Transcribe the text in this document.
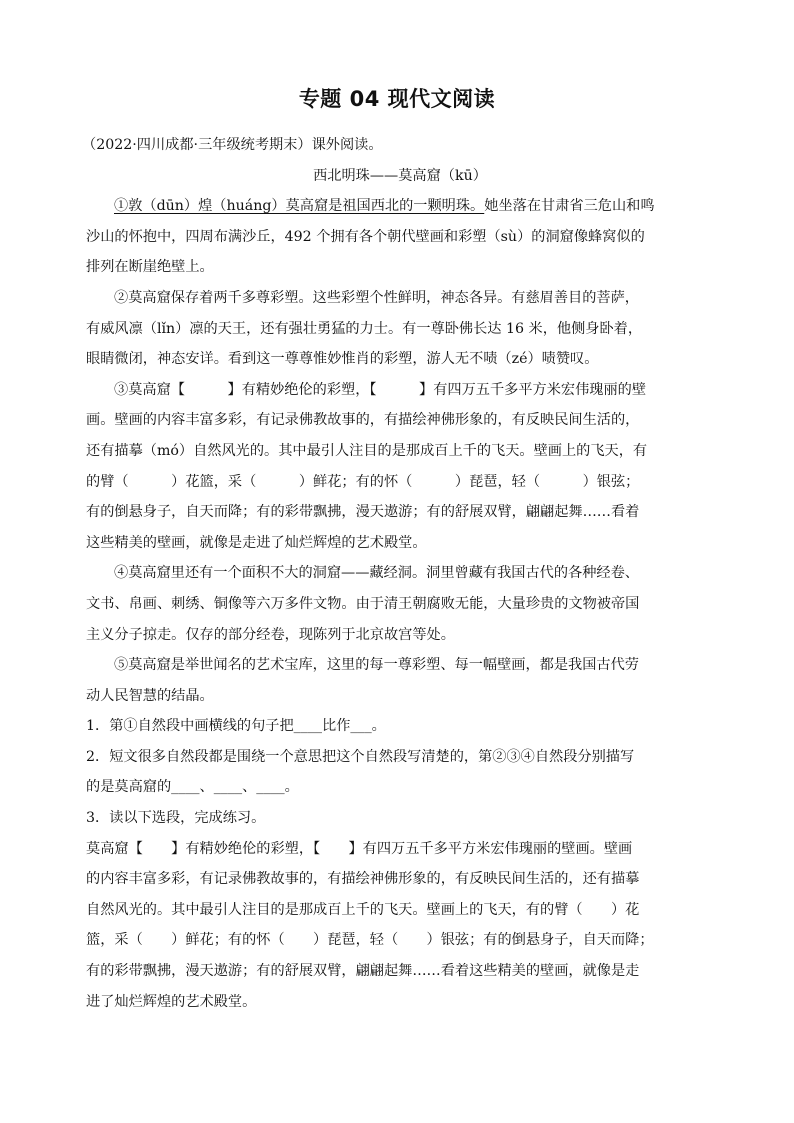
专题 04 现代文阅读
（2022·四川成都·三年级统考期末）课外阅读。
西北明珠——莫高窟（kū）
①敦（dūn）煌（huáng）莫高窟是祖国西北的一颗明珠。她坐落在甘肃省三危山和鸣
沙山的怀抱中，四周布满沙丘，492 个拥有各个朝代壁画和彩塑（sù）的洞窟像蜂窝似的
排列在断崖绝壁上。
②莫高窟保存着两千多尊彩塑。这些彩塑个性鲜明，神态各异。有慈眉善目的菩萨，
有威风凛（lǐn）凛的天王，还有强壮勇猛的力士。有一尊卧佛长达 16 米，他侧身卧着，
眼睛微闭，神态安详。看到这一尊尊惟妙惟肖的彩塑，游人无不啧（zé）啧赞叹。
③莫高窟【　　　】有精妙绝伦的彩塑，【　　　】有四万五千多平方米宏伟瑰丽的壁
画。壁画的内容丰富多彩，有记录佛教故事的，有描绘神佛形象的，有反映民间生活的，
还有描摹（mó）自然风光的。其中最引人注目的是那成百上千的飞天。壁画上的飞天，有
的臂（　　　）花篮，采（　　　）鲜花；有的怀（　　　）琵琶，轻（　　　）银弦；
有的倒悬身子，自天而降；有的彩带飘拂，漫天遨游；有的舒展双臂，翩翩起舞……看着
这些精美的壁画，就像是走进了灿烂辉煌的艺术殿堂。
④莫高窟里还有一个面积不大的洞窟——藏经洞。洞里曾藏有我国古代的各种经卷、
文书、帛画、刺绣、铜像等六万多件文物。由于清王朝腐败无能，大量珍贵的文物被帝国
主义分子掠走。仅存的部分经卷，现陈列于北京故宫等处。
⑤莫高窟是举世闻名的艺术宝库，这里的每一尊彩塑、每一幅壁画，都是我国古代劳
动人民智慧的结晶。
1．第①自然段中画横线的句子把____比作___。
2．短文很多自然段都是围绕一个意思把这个自然段写清楚的，第②③④自然段分别描写
的是莫高窟的____、____、____。
3．读以下选段，完成练习。
莫高窟【　　】有精妙绝伦的彩塑，【　　】有四万五千多平方米宏伟瑰丽的壁画。壁画
的内容丰富多彩，有记录佛教故事的，有描绘神佛形象的，有反映民间生活的，还有描摹
自然风光的。其中最引人注目的是那成百上千的飞天。壁画上的飞天，有的臂（　　）花
篮，采（　　）鲜花；有的怀（　　）琵琶，轻（　　）银弦；有的倒悬身子，自天而降；
有的彩带飘拂，漫天遨游；有的舒展双臂，翩翩起舞……看着这些精美的壁画，就像是走
进了灿烂辉煌的艺术殿堂。
